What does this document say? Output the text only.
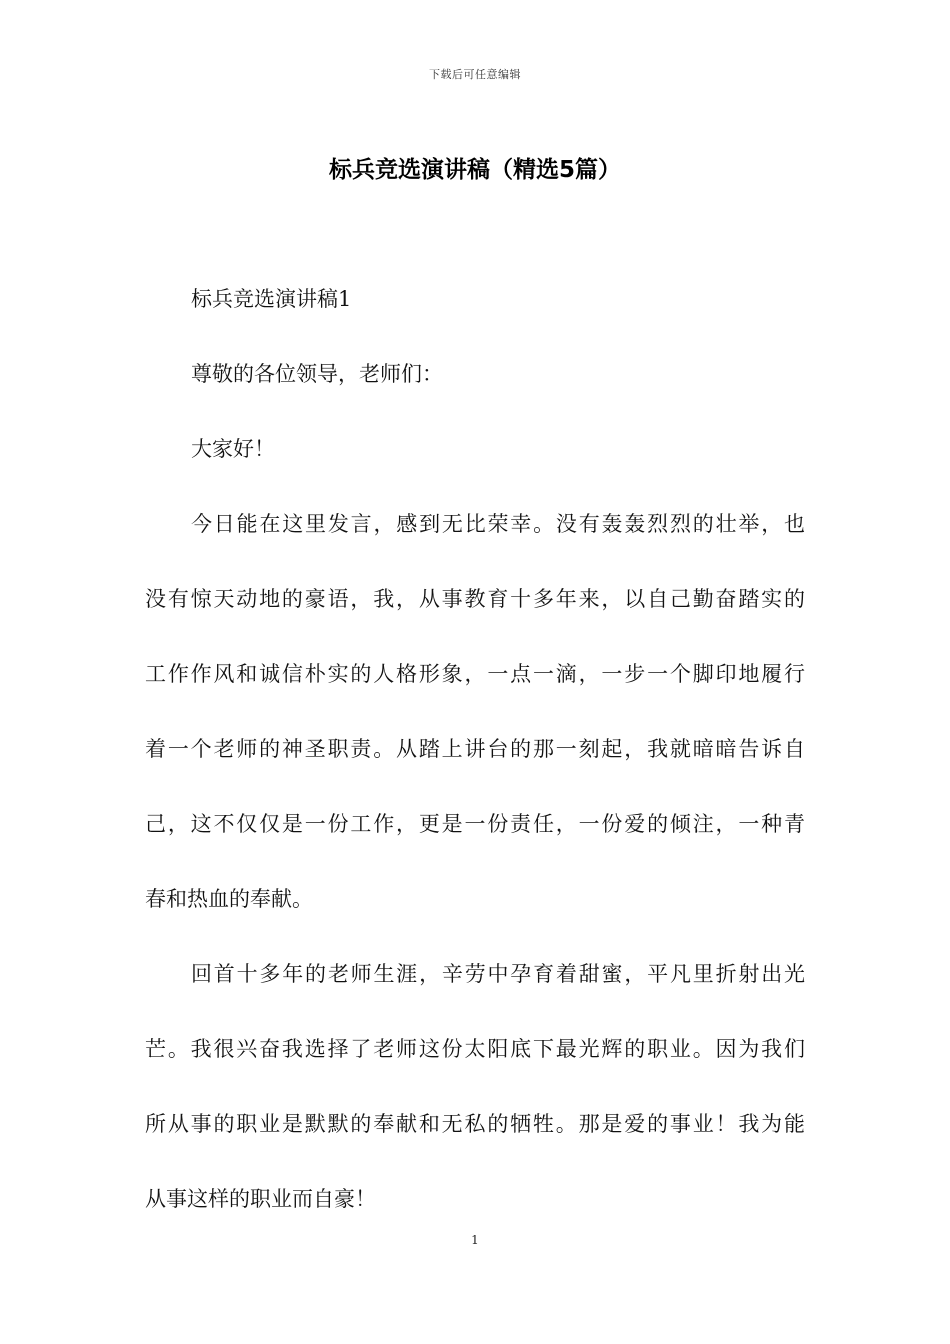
下载后可任意编辑
标兵竞选演讲稿（精选5篇）
标兵竞选演讲稿1
尊敬的各位领导，老师们：
大家好！
今日能在这里发言，感到无比荣幸。没有轰轰烈烈的壮举，也
没有惊天动地的豪语，我，从事教育十多年来，以自己勤奋踏实的
工作作风和诚信朴实的人格形象，一点一滴，一步一个脚印地履行
着一个老师的神圣职责。从踏上讲台的那一刻起，我就暗暗告诉自
己，这不仅仅是一份工作，更是一份责任，一份爱的倾注，一种青
春和热血的奉献。
回首十多年的老师生涯，辛劳中孕育着甜蜜，平凡里折射出光
芒。我很兴奋我选择了老师这份太阳底下最光辉的职业。因为我们
所从事的职业是默默的奉献和无私的牺牲。那是爱的事业！我为能
从事这样的职业而自豪！
1
